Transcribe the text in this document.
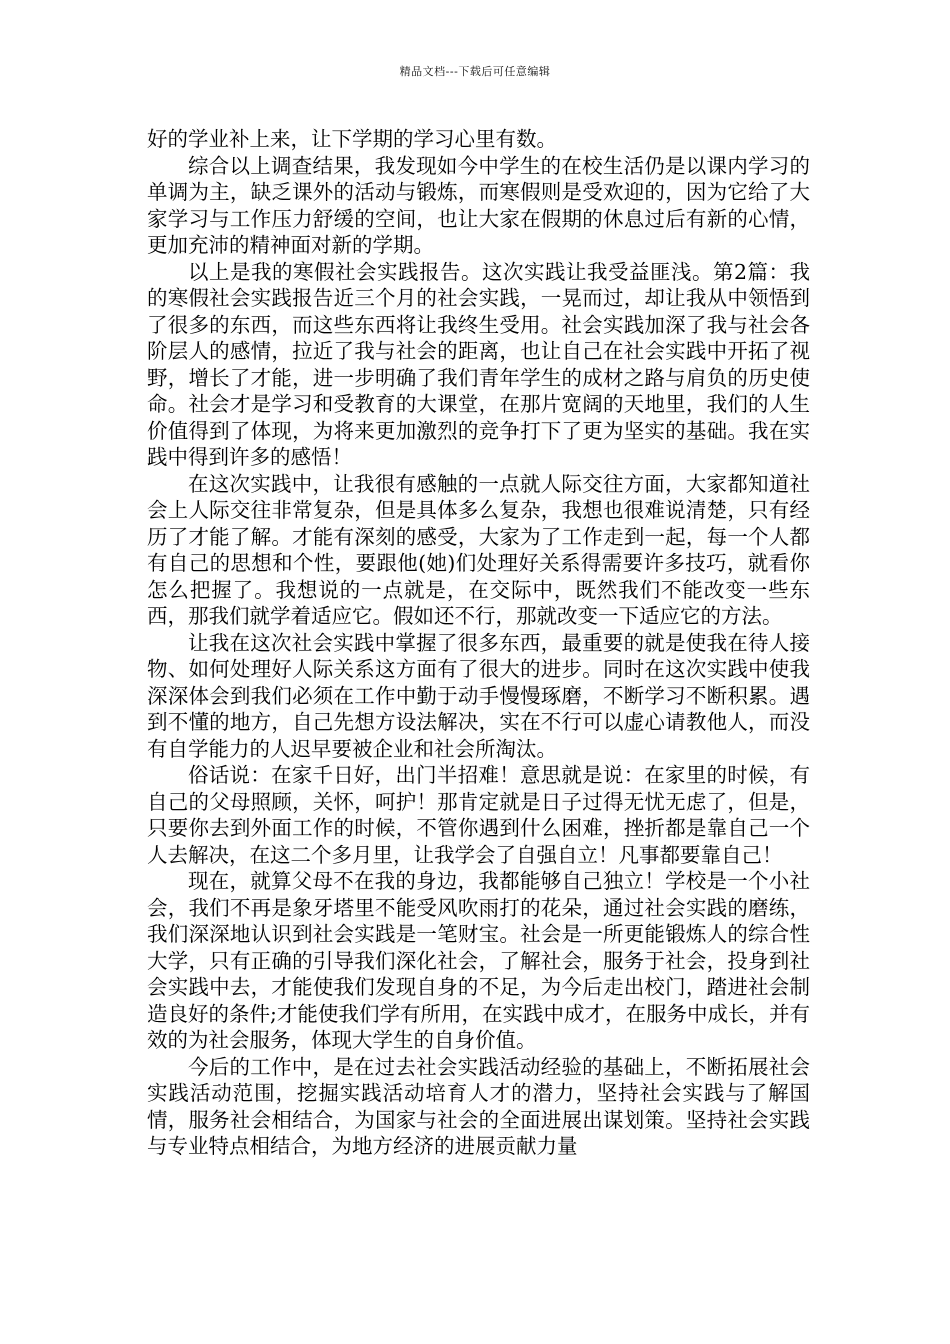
精品文档---下载后可任意编辑

好的学业补上来，让下学期的学习心里有数。

综合以上调查结果，我发现如今中学生的在校生活仍是以课内学习的单调为主，缺乏课外的活动与锻炼，而寒假则是受欢迎的，因为它给了大家学习与工作压力舒缓的空间，也让大家在假期的休息过后有新的心情，更加充沛的精神面对新的学期。

以上是我的寒假社会实践报告。这次实践让我受益匪浅。第2篇：我的寒假社会实践报告近三个月的社会实践，一晃而过，却让我从中领悟到了很多的东西，而这些东西将让我终生受用。社会实践加深了我与社会各阶层人的感情，拉近了我与社会的距离，也让自己在社会实践中开拓了视野，增长了才能，进一步明确了我们青年学生的成材之路与肩负的历史使命。社会才是学习和受教育的大课堂，在那片宽阔的天地里，我们的人生价值得到了体现，为将来更加激烈的竞争打下了更为坚实的基础。我在实践中得到许多的感悟！

在这次实践中，让我很有感触的一点就人际交往方面，大家都知道社会上人际交往非常复杂，但是具体多么复杂，我想也很难说清楚，只有经历了才能了解。才能有深刻的感受，大家为了工作走到一起，每一个人都有自己的思想和个性，要跟他(她)们处理好关系得需要许多技巧，就看你怎么把握了。我想说的一点就是，在交际中，既然我们不能改变一些东西，那我们就学着适应它。假如还不行，那就改变一下适应它的方法。

让我在这次社会实践中掌握了很多东西，最重要的就是使我在待人接物、如何处理好人际关系这方面有了很大的进步。同时在这次实践中使我深深体会到我们必须在工作中勤于动手慢慢琢磨，不断学习不断积累。遇到不懂的地方，自己先想方设法解决，实在不行可以虚心请教他人，而没有自学能力的人迟早要被企业和社会所淘汰。

俗话说：在家千日好，出门半招难！意思就是说：在家里的时候，有自己的父母照顾，关怀，呵护！那肯定就是日子过得无忧无虑了，但是，只要你去到外面工作的时候，不管你遇到什么困难，挫折都是靠自己一个人去解决，在这二个多月里，让我学会了自强自立！凡事都要靠自己！

现在，就算父母不在我的身边，我都能够自己独立！学校是一个小社会，我们不再是象牙塔里不能受风吹雨打的花朵，通过社会实践的磨练，我们深深地认识到社会实践是一笔财宝。社会是一所更能锻炼人的综合性大学，只有正确的引导我们深化社会，了解社会，服务于社会，投身到社会实践中去，才能使我们发现自身的不足，为今后走出校门，踏进社会制造良好的条件;才能使我们学有所用，在实践中成才，在服务中成长，并有效的为社会服务，体现大学生的自身价值。

今后的工作中，是在过去社会实践活动经验的基础上，不断拓展社会实践活动范围，挖掘实践活动培育人才的潜力，坚持社会实践与了解国情，服务社会相结合，为国家与社会的全面进展出谋划策。坚持社会实践与专业特点相结合，为地方经济的进展贡献力量
